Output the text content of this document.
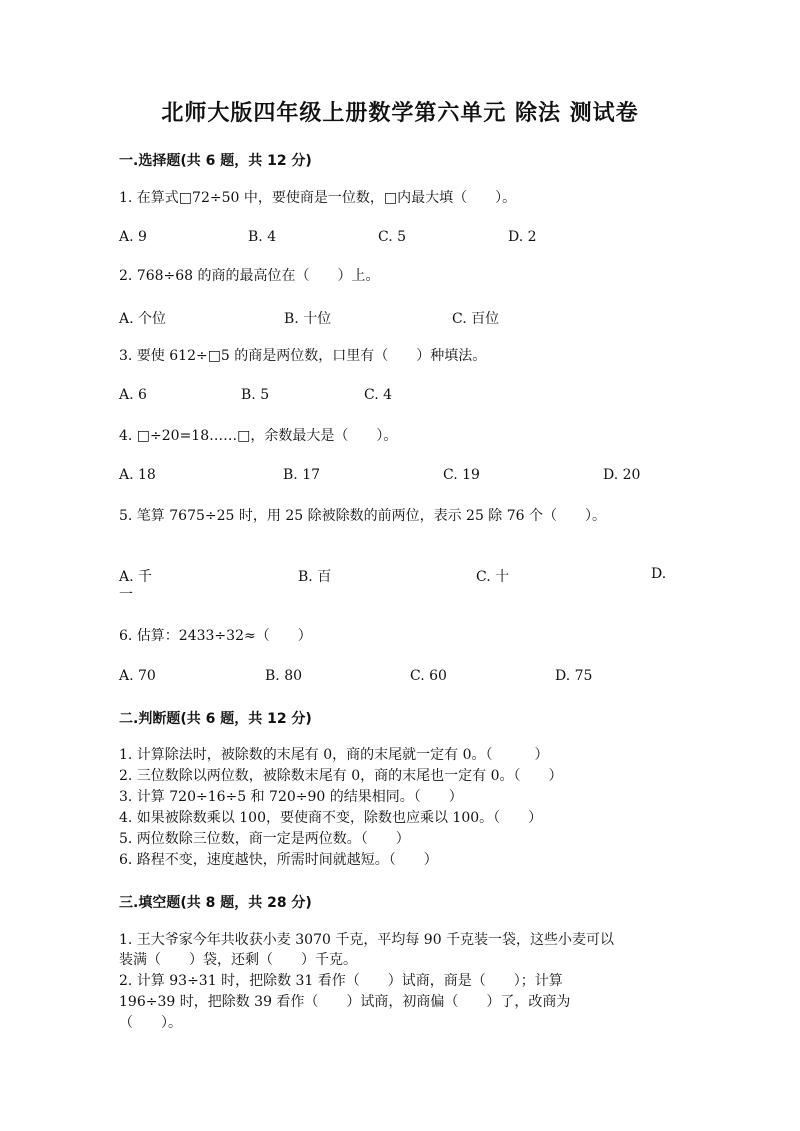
北师大版四年级上册数学第六单元 除法 测试卷
一.选择题(共 6 题，共 12 分)
1. 在算式□72÷50 中，要使商是一位数，□内最大填（　　）。
A. 9	B. 4	C. 5	D. 2
2. 768÷68 的商的最高位在（　　）上。
A. 个位	B. 十位	C. 百位
3. 要使 612÷□5 的商是两位数，口里有（　　）种填法。
A. 6	B. 5	C. 4
4. □÷20=18……□，余数最大是（　　）。
A. 18	B. 17	C. 19	D. 20
5. 笔算 7675÷25 时，用 25 除被除数的前两位，表示 25 除 76 个（　　）。
A. 千	B. 百	C. 十	D.
一
6. 估算：2433÷32≈（　　）
A. 70	B. 80	C. 60	D. 75
二.判断题(共 6 题，共 12 分)
1. 计算除法时，被除数的末尾有 0，商的末尾就一定有 0。（　　　）
2. 三位数除以两位数，被除数末尾有 0，商的末尾也一定有 0。（　　）
3. 计算 720÷16÷5 和 720÷90 的结果相同。（　　）
4. 如果被除数乘以 100，要使商不变，除数也应乘以 100。（　　）
5. 两位数除三位数，商一定是两位数。（　　）
6. 路程不变，速度越快，所需时间就越短。（　　）
三.填空题(共 8 题，共 28 分)
1. 王大爷家今年共收获小麦 3070 千克，平均每 90 千克装一袋，这些小麦可以
装满（　　）袋，还剩（　　）千克。
2. 计算 93÷31 时，把除数 31 看作（　　）试商，商是（　　）；计算
196÷39 时，把除数 39 看作（　　）试商，初商偏（　　）了，改商为
（　　）。
